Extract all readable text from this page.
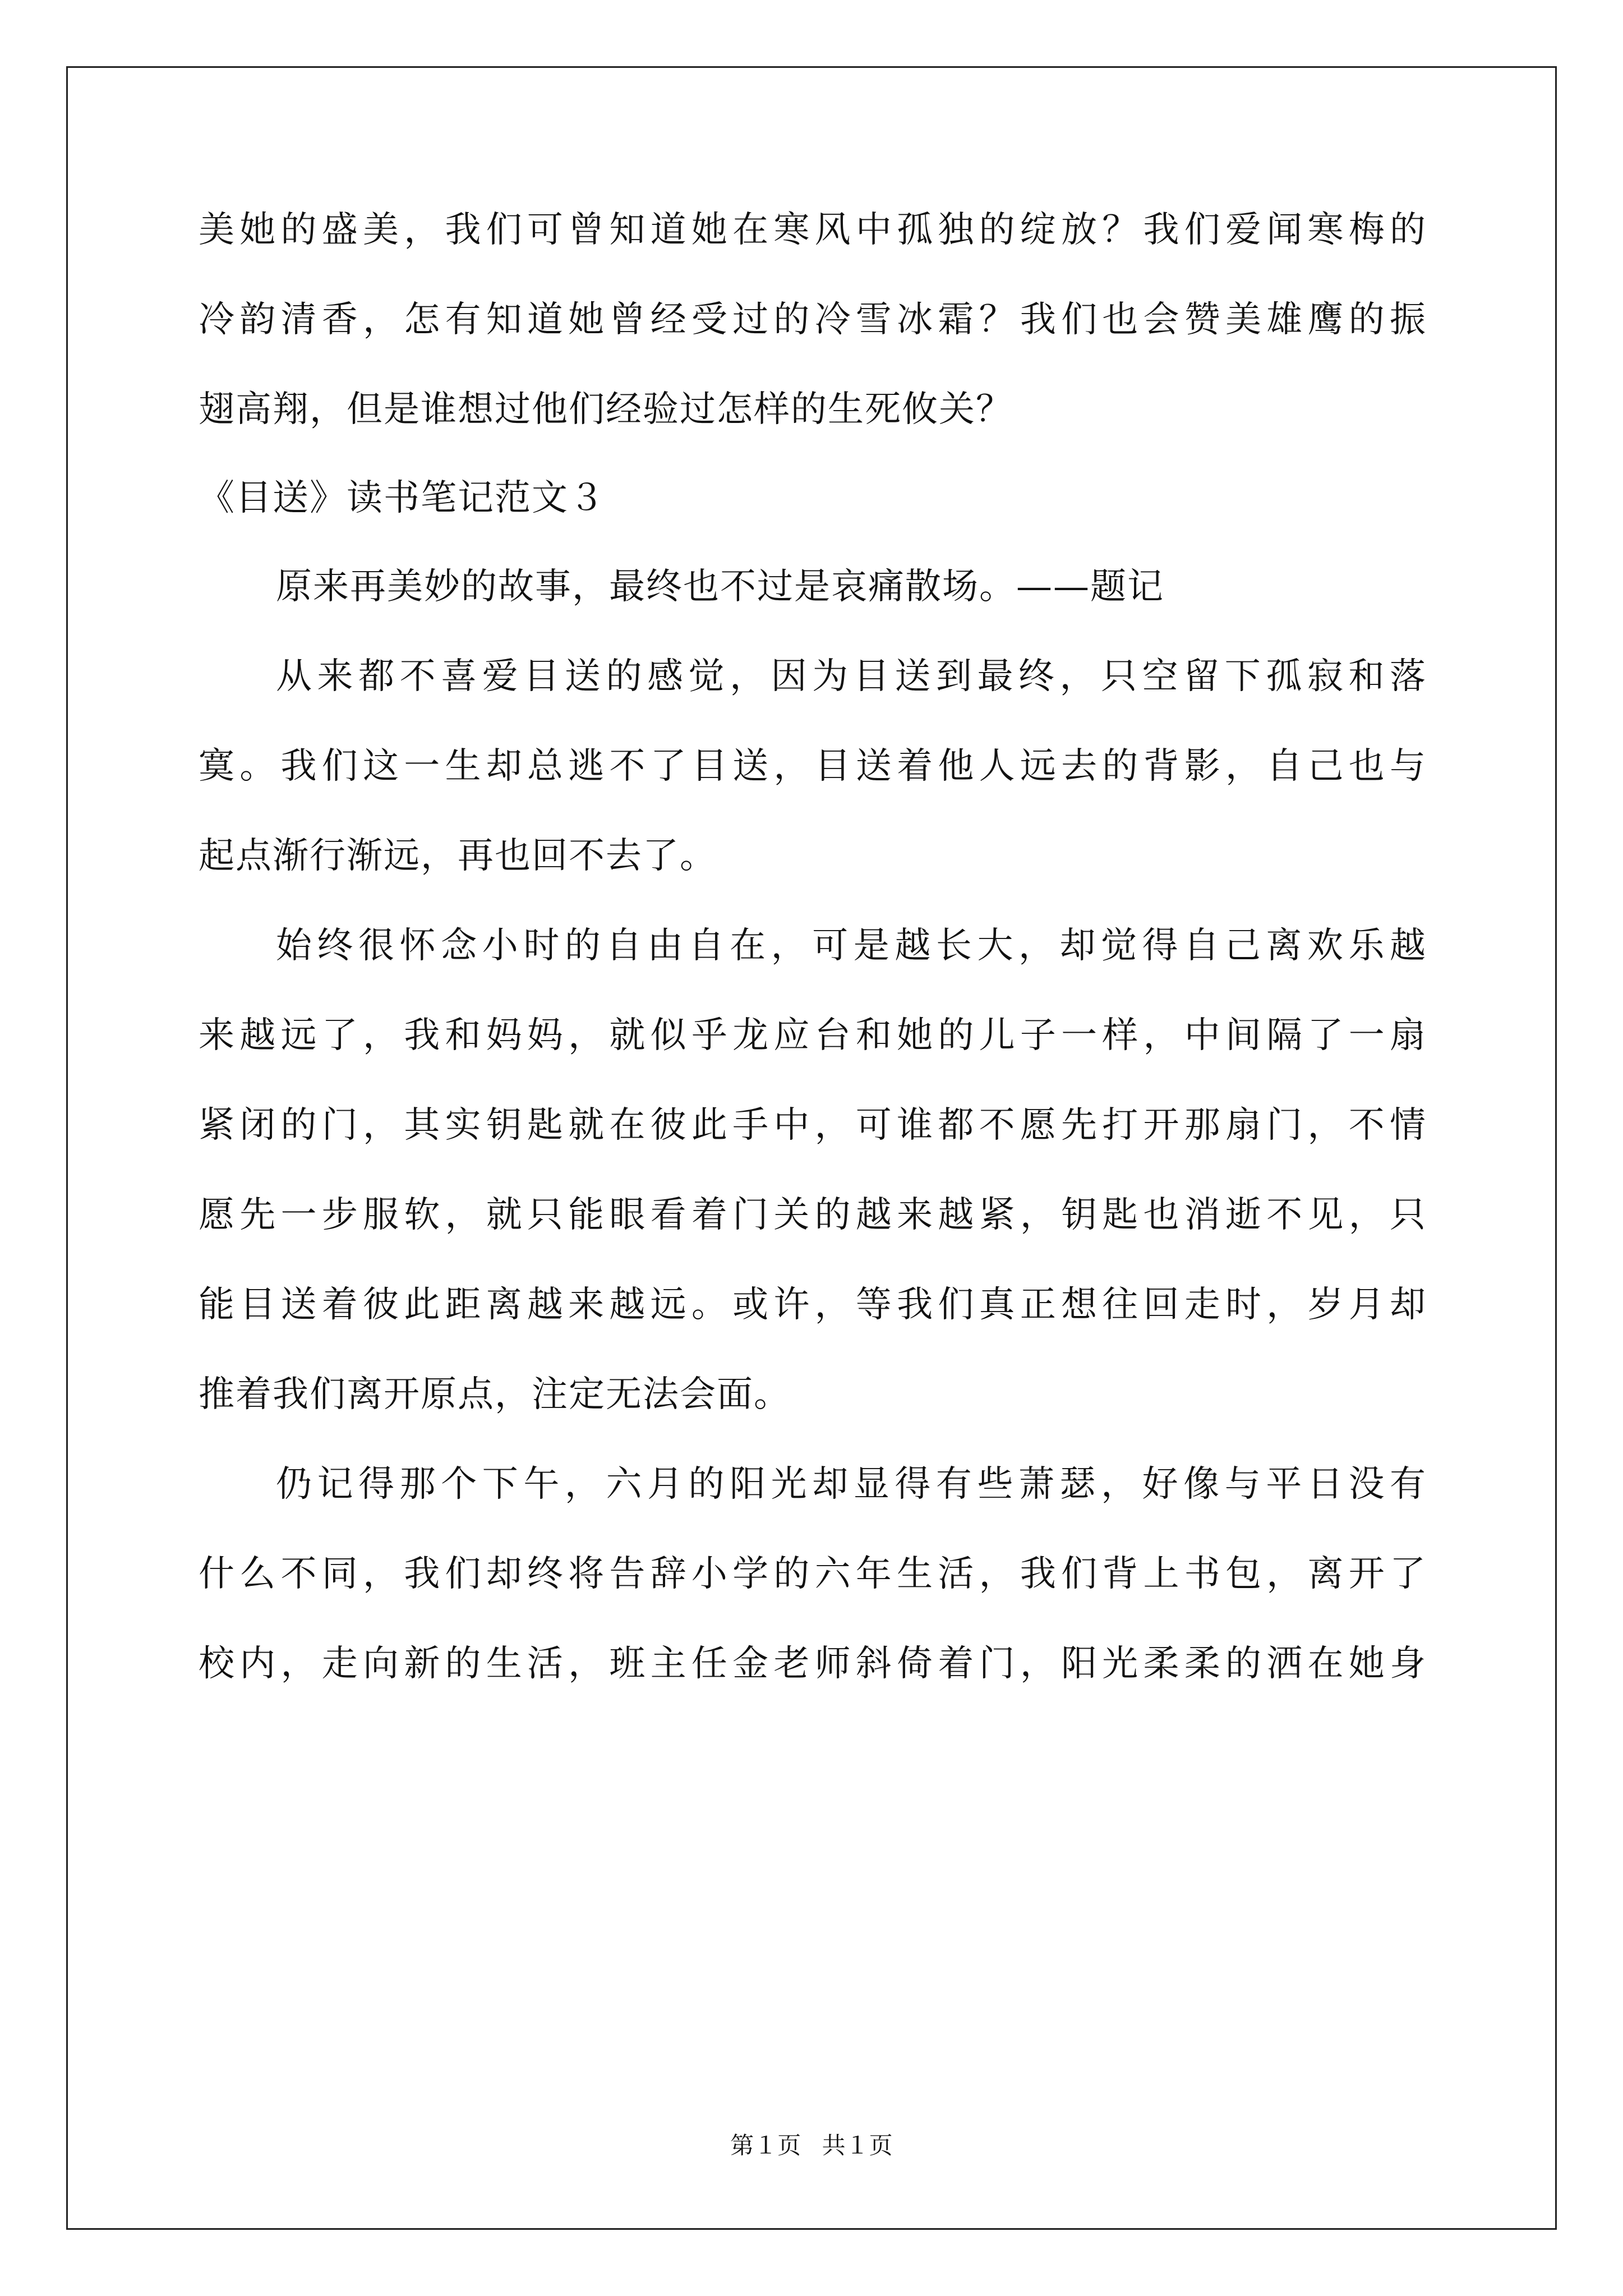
美她的盛美，我们可曾知道她在寒风中孤独的绽放？我们爱闻寒梅的
冷韵清香，怎有知道她曾经受过的冷雪冰霜？我们也会赞美雄鹰的振
翅高翔，但是谁想过他们经验过怎样的生死攸关？
《目送》读书笔记范文３
原来再美妙的故事，最终也不过是哀痛散场。——题记
从来都不喜爱目送的感觉，因为目送到最终，只空留下孤寂和落
寞。我们这一生却总逃不了目送，目送着他人远去的背影，自己也与
起点渐行渐远，再也回不去了。
始终很怀念小时的自由自在，可是越长大，却觉得自己离欢乐越
来越远了，我和妈妈，就似乎龙应台和她的儿子一样，中间隔了一扇
紧闭的门，其实钥匙就在彼此手中，可谁都不愿先打开那扇门，不情
愿先一步服软，就只能眼看着门关的越来越紧，钥匙也消逝不见，只
能目送着彼此距离越来越远。或许，等我们真正想往回走时，岁月却
推着我们离开原点，注定无法会面。
仍记得那个下午，六月的阳光却显得有些萧瑟，好像与平日没有
什么不同，我们却终将告辞小学的六年生活，我们背上书包，离开了
校内，走向新的生活，班主任金老师斜倚着门，阳光柔柔的洒在她身
第１页 共１页
